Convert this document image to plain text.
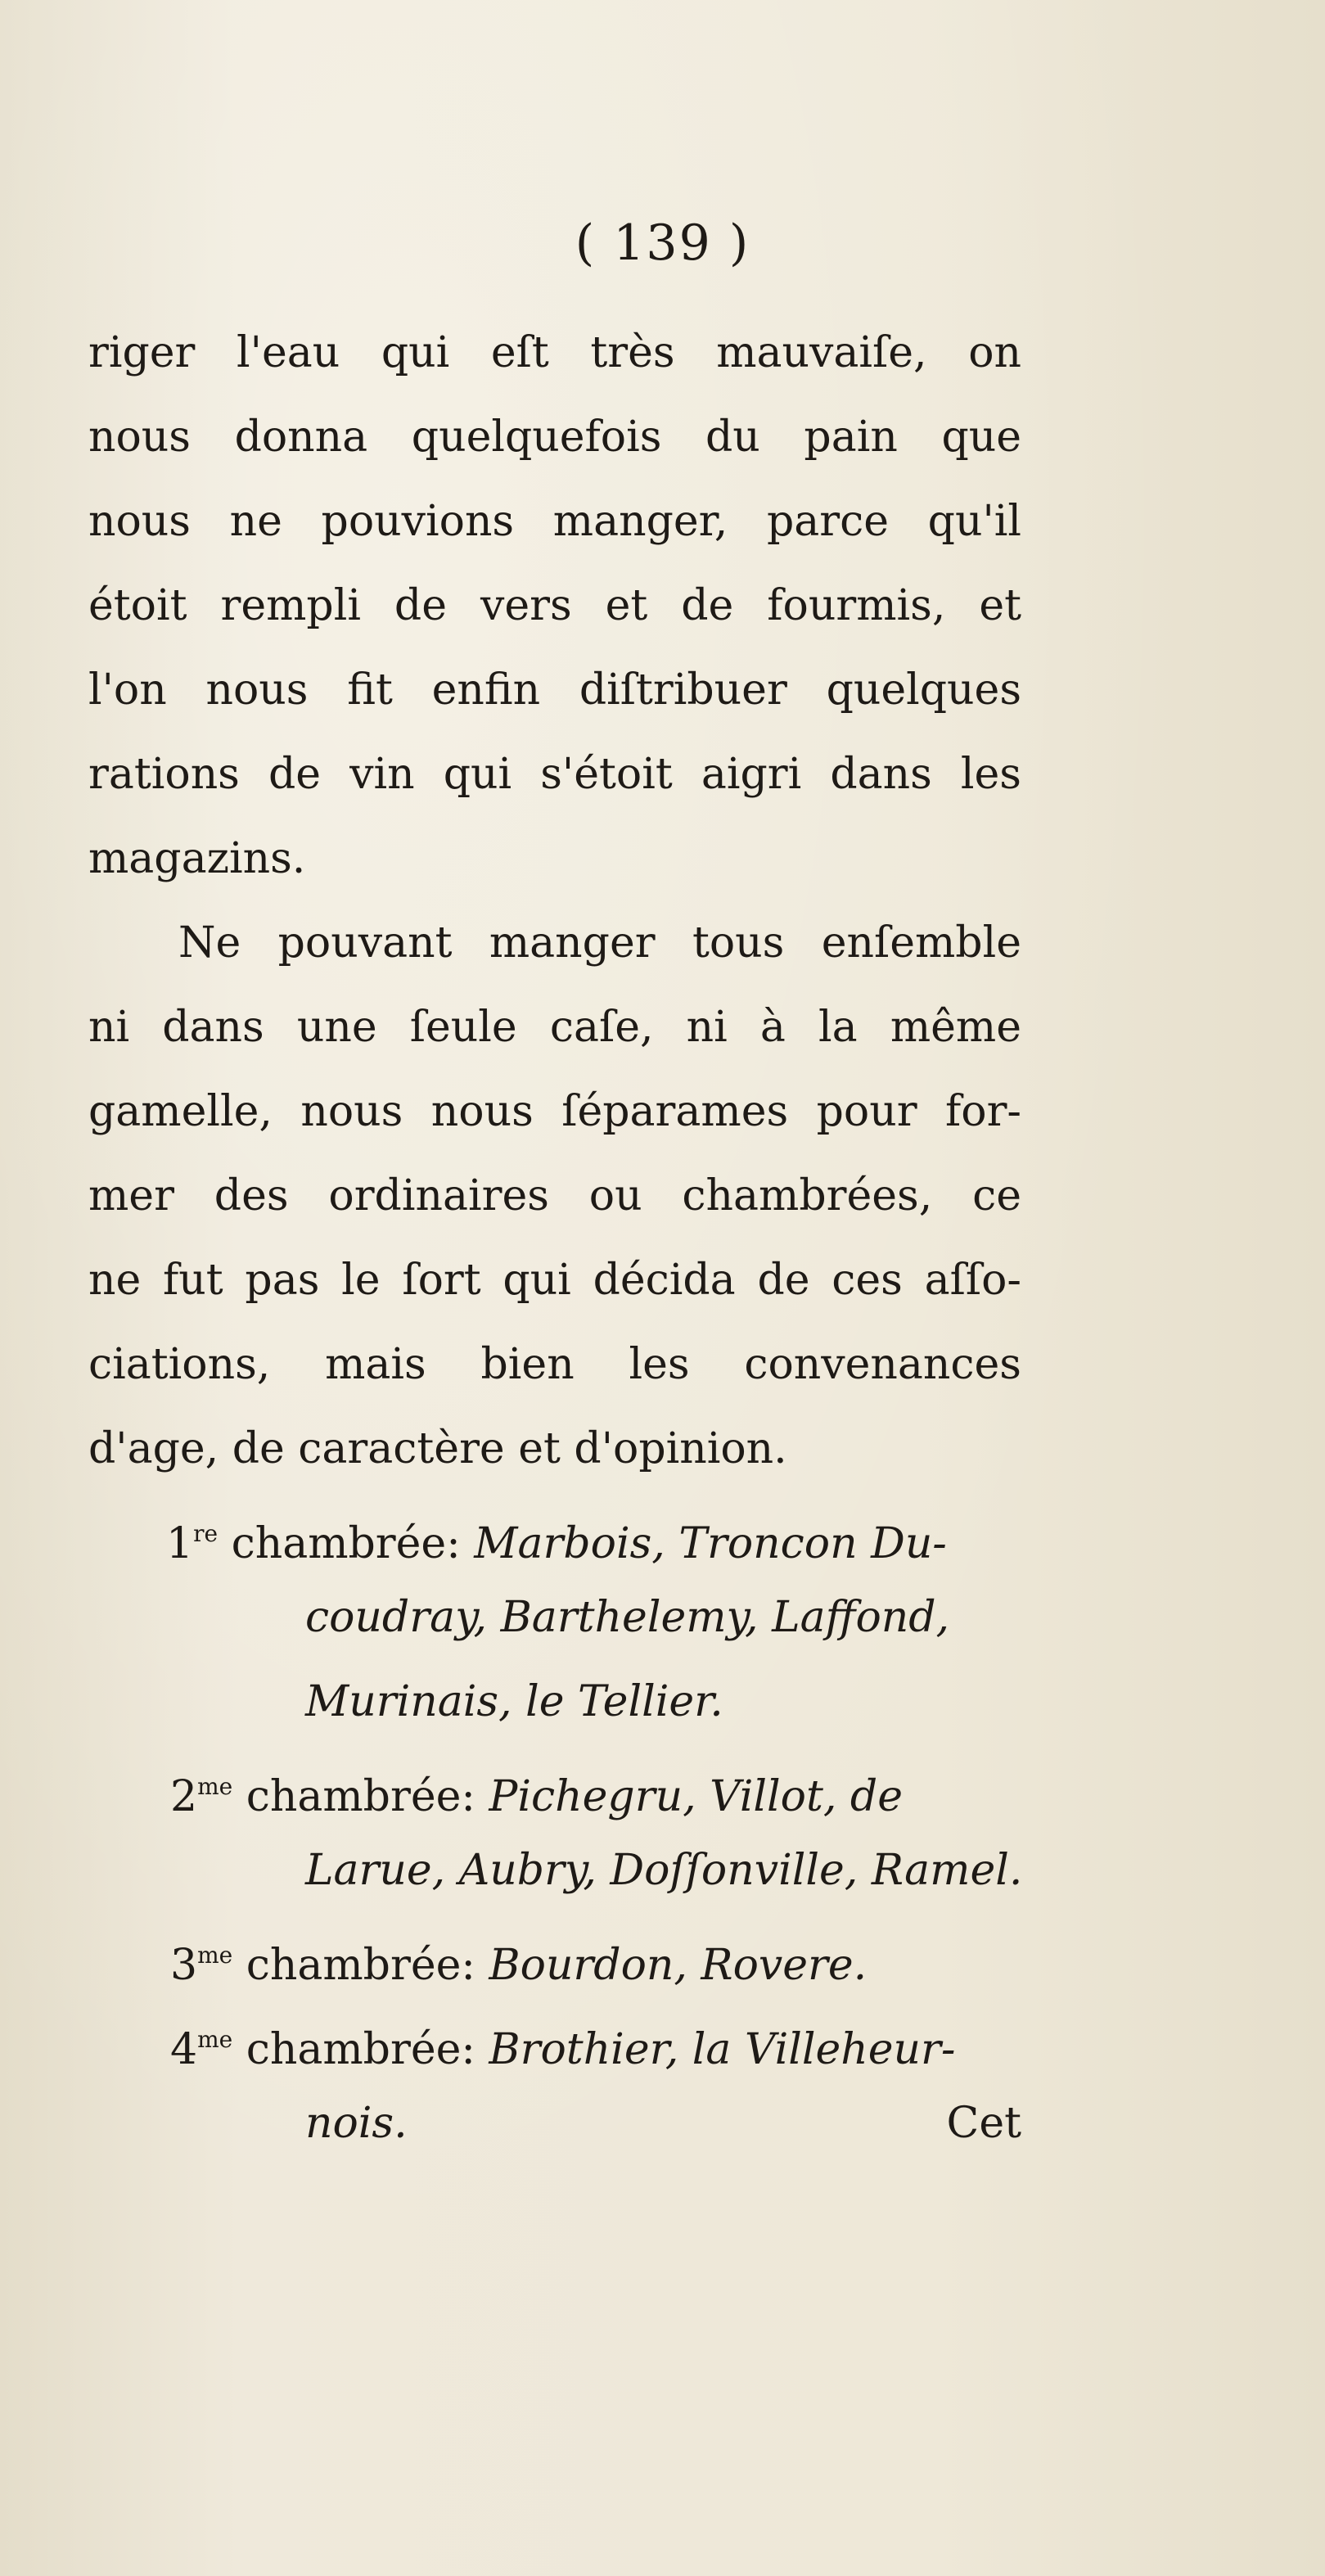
( 139 )
riger l'eau qui eſt très mauvaiſe, on
nous donna quelquefois du pain que
nous ne pouvions manger, parce qu'il
étoit rempli de vers et de fourmis, et
l'on nous fit enfin diſtribuer quelques
rations de vin qui s'étoit aigri dans les
magazins.
Ne pouvant manger tous enſemble
ni dans une ſeule caſe, ni à la même
gamelle, nous nous ſéparames pour for-
mer des ordinaires ou chambrées, ce
ne fut pas le ſort qui décida de ces aſſo-
ciations, mais bien les convenances
d'age, de caractère et d'opinion.
1re chambrée: Marbois, Troncon Du-
coudray, Barthelemy, Laffond,
Murinais, le Tellier.
$2^{me}$ chambrée: Pichegru, Villot, de
Larue, Aubry, Doſſonville, Ramel.
$3^{me}$ chambrée: Bourdon, Rovere.
$4^{me}$ chambrée: Brothier, la Villeheur-
nois.	Cet
